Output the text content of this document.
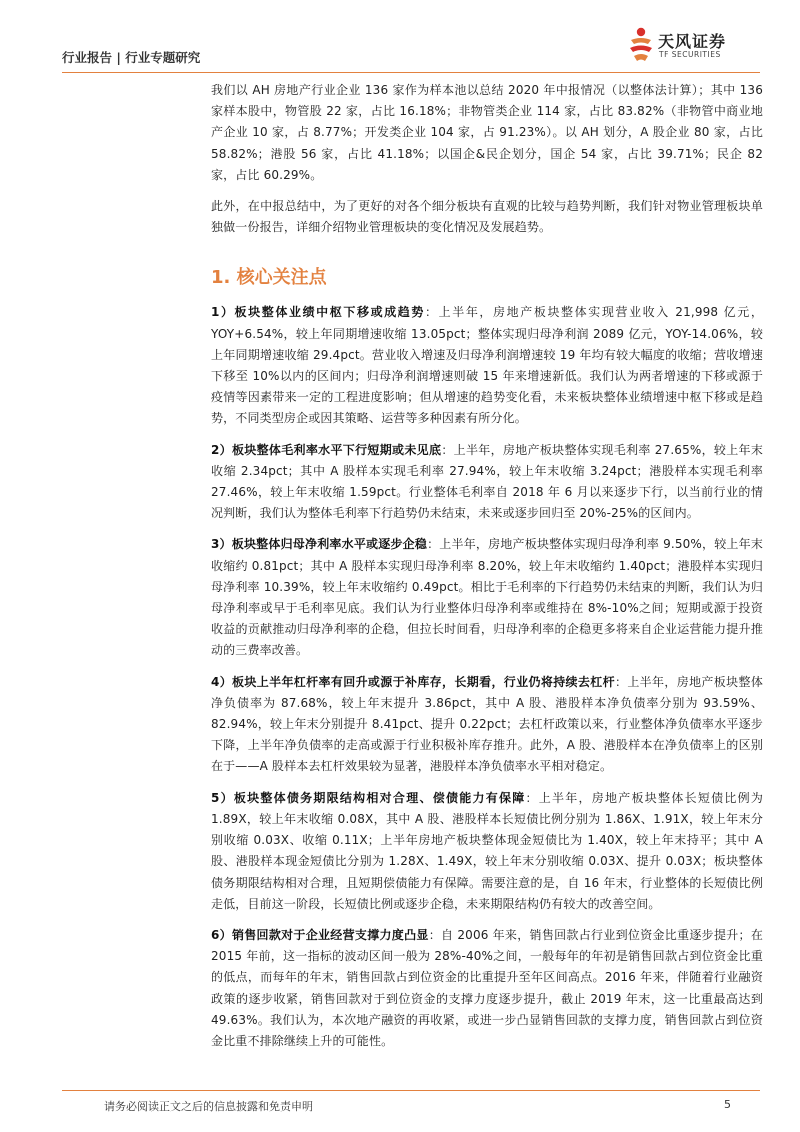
行业报告 | 行业专题研究
天风证券
TF SECURITIES

我们以 AH 房地产行业企业 136 家作为样本池以总结 2020 年中报情况（以整体法计算）；其中 136 家样本股中，物管股 22 家，占比 16.18%；非物管类企业 114 家，占比 83.82%（非物管中商业地产企业 10 家，占 8.77%；开发类企业 104 家，占 91.23%）。以 AH 划分，A 股企业 80 家，占比 58.82%；港股 56 家，占比 41.18%；以国企&民企划分，国企 54 家，占比 39.71%；民企 82 家，占比 60.29%。

此外，在中报总结中，为了更好的对各个细分板块有直观的比较与趋势判断，我们针对物业管理板块单独做一份报告，详细介绍物业管理板块的变化情况及发展趋势。

1. 核心关注点

1）板块整体业绩中枢下移或成趋势：上半年，房地产板块整体实现营业收入 21,998 亿元，YOY+6.54%，较上年同期增速收缩 13.05pct；整体实现归母净利润 2089 亿元，YOY-14.06%，较上年同期增速收缩 29.4pct。营业收入增速及归母净利润增速较 19 年均有较大幅度的收缩；营收增速下移至 10%以内的区间内；归母净利润增速则破 15 年来增速新低。我们认为两者增速的下移或源于疫情等因素带来一定的工程进度影响；但从增速的趋势变化看，未来板块整体业绩增速中枢下移或是趋势，不同类型房企或因其策略、运营等多种因素有所分化。

2）板块整体毛利率水平下行短期或未见底：上半年，房地产板块整体实现毛利率 27.65%，较上年末收缩 2.34pct；其中 A 股样本实现毛利率 27.94%，较上年末收缩 3.24pct；港股样本实现毛利率 27.46%，较上年末收缩 1.59pct。行业整体毛利率自 2018 年 6 月以来逐步下行，以当前行业的情况判断，我们认为整体毛利率下行趋势仍未结束，未来或逐步回归至 20%-25%的区间内。

3）板块整体归母净利率水平或逐步企稳：上半年，房地产板块整体实现归母净利率 9.50%，较上年末收缩约 0.81pct；其中 A 股样本实现归母净利率 8.20%，较上年末收缩约 1.40pct；港股样本实现归母净利率 10.39%，较上年末收缩约 0.49pct。相比于毛利率的下行趋势仍未结束的判断，我们认为归母净利率或早于毛利率见底。我们认为行业整体归母净利率或维持在 8%-10%之间；短期或源于投资收益的贡献推动归母净利率的企稳，但拉长时间看，归母净利率的企稳更多将来自企业运营能力提升推动的三费率改善。

4）板块上半年杠杆率有回升或源于补库存，长期看，行业仍将持续去杠杆：上半年，房地产板块整体净负债率为 87.68%，较上年末提升 3.86pct，其中 A 股、港股样本净负债率分别为 93.59%、82.94%，较上年末分别提升 8.41pct、提升 0.22pct；去杠杆政策以来，行业整体净负债率水平逐步下降，上半年净负债率的走高或源于行业积极补库存推升。此外，A 股、港股样本在净负债率上的区别在于——A 股样本去杠杆效果较为显著，港股样本净负债率水平相对稳定。

5）板块整体债务期限结构相对合理、偿债能力有保障：上半年，房地产板块整体长短债比例为 1.89X，较上年末收缩 0.08X，其中 A 股、港股样本长短债比例分别为 1.86X、1.91X，较上年末分别收缩 0.03X、收缩 0.11X；上半年房地产板块整体现金短债比为 1.40X，较上年末持平；其中 A 股、港股样本现金短债比分别为 1.28X、1.49X，较上年末分别收缩 0.03X、提升 0.03X；板块整体债务期限结构相对合理，且短期偿债能力有保障。需要注意的是，自 16 年末，行业整体的长短债比例走低，目前这一阶段，长短债比例或逐步企稳，未来期限结构仍有较大的改善空间。

6）销售回款对于企业经营支撑力度凸显：自 2006 年来，销售回款占行业到位资金比重逐步提升；在 2015 年前，这一指标的波动区间一般为 28%-40%之间，一般每年的年初是销售回款占到位资金比重的低点，而每年的年末，销售回款占到位资金的比重提升至年区间高点。2016 年来，伴随着行业融资政策的逐步收紧，销售回款对于到位资金的支撑力度逐步提升，截止 2019 年末，这一比重最高达到 49.63%。我们认为，本次地产融资的再收紧，或进一步凸显销售回款的支撑力度，销售回款占到位资金比重不排除继续上升的可能性。

请务必阅读正文之后的信息披露和免责申明	5
